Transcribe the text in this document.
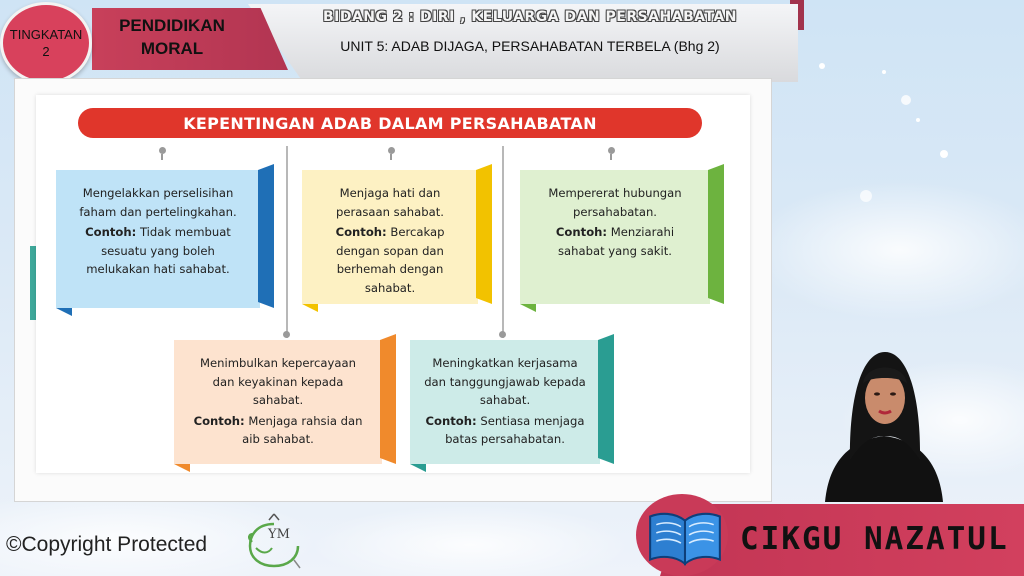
PENDIDIKAN
MORAL
TINGKATAN
2
BIDANG 2 : DIRI , KELUARGA DAN PERSAHABATAN
UNIT 5: ADAB DIJAGA, PERSAHABATAN TERBELA (Bhg 2)
KEPENTINGAN ADAB DALAM PERSAHABATAN

Mengelakkan perselisihan faham dan pertelingkahan.

Contoh: Tidak membuat sesuatu yang boleh melukakan hati sahabat.

Menjaga hati dan perasaan sahabat.

Contoh: Bercakap dengan sopan dan berhemah dengan sahabat.

Mempererat hubungan persahabatan.

Contoh: Menziarahi sahabat yang sakit.

Menimbulkan kepercayaan dan keyakinan kepada sahabat.

Contoh: Menjaga rahsia dan aib sahabat.

Meningkatkan kerjasama dan tanggungjawab kepada sahabat.

Contoh: Sentiasa menjaga batas persahabatan.

©Copyright Protected	YM	CIKGU NAZATUL
